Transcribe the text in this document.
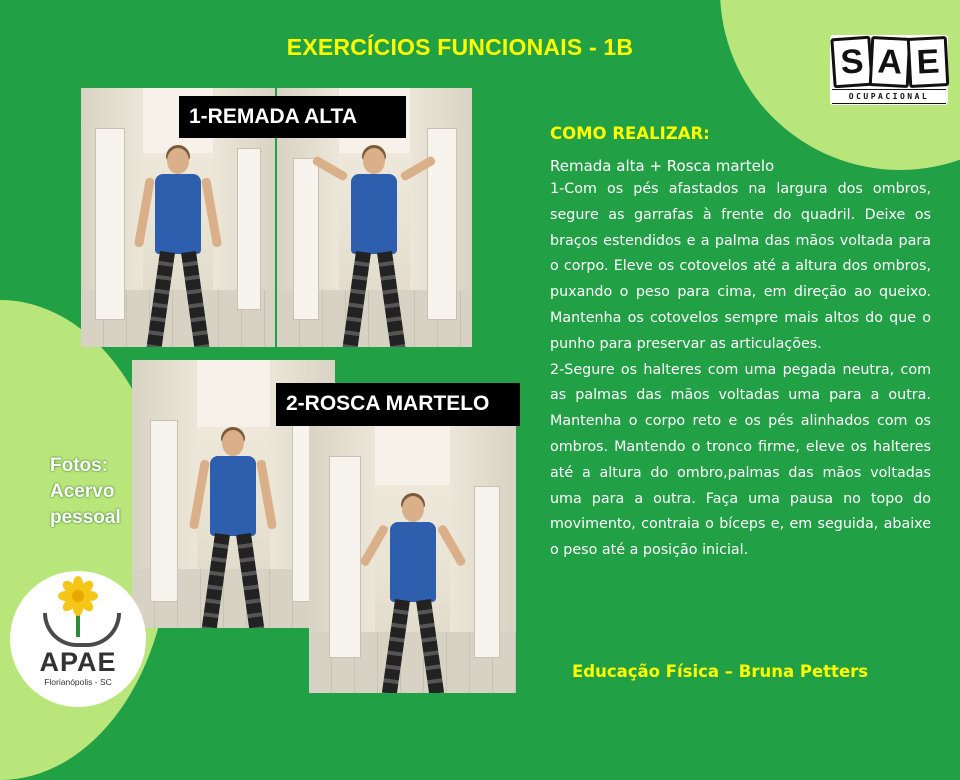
EXERCÍCIOS FUNCIONAIS - 1B	S A E
OCUPACIONAL
1-REMADA ALTA
2-ROSCA MARTELO
Fotos:
Acervo
pessoal
COMO REALIZAR:
Remada alta + Rosca martelo

1-Com os pés afastados na largura dos ombros, segure as garrafas à frente do quadril. Deixe os braços estendidos e a palma das mãos voltada para o corpo. Eleve os cotovelos até a altura dos ombros, puxando o peso para cima, em direção ao queixo. Mantenha os cotovelos sempre mais altos do que o punho para preservar as articulações.

2-Segure os halteres com uma pegada neutra, com as palmas das mãos voltadas uma para a outra. Mantenha o corpo reto e os pés alinhados com os ombros. Mantendo o tronco firme, eleve os halteres até a altura do ombro,palmas das mãos voltadas uma para a outra. Faça uma pausa no topo do movimento, contraia o bíceps e, em seguida, abaixe o peso até a posição inicial.

Educação Física – Bruna Petters
APAE
Florianópolis - SC
